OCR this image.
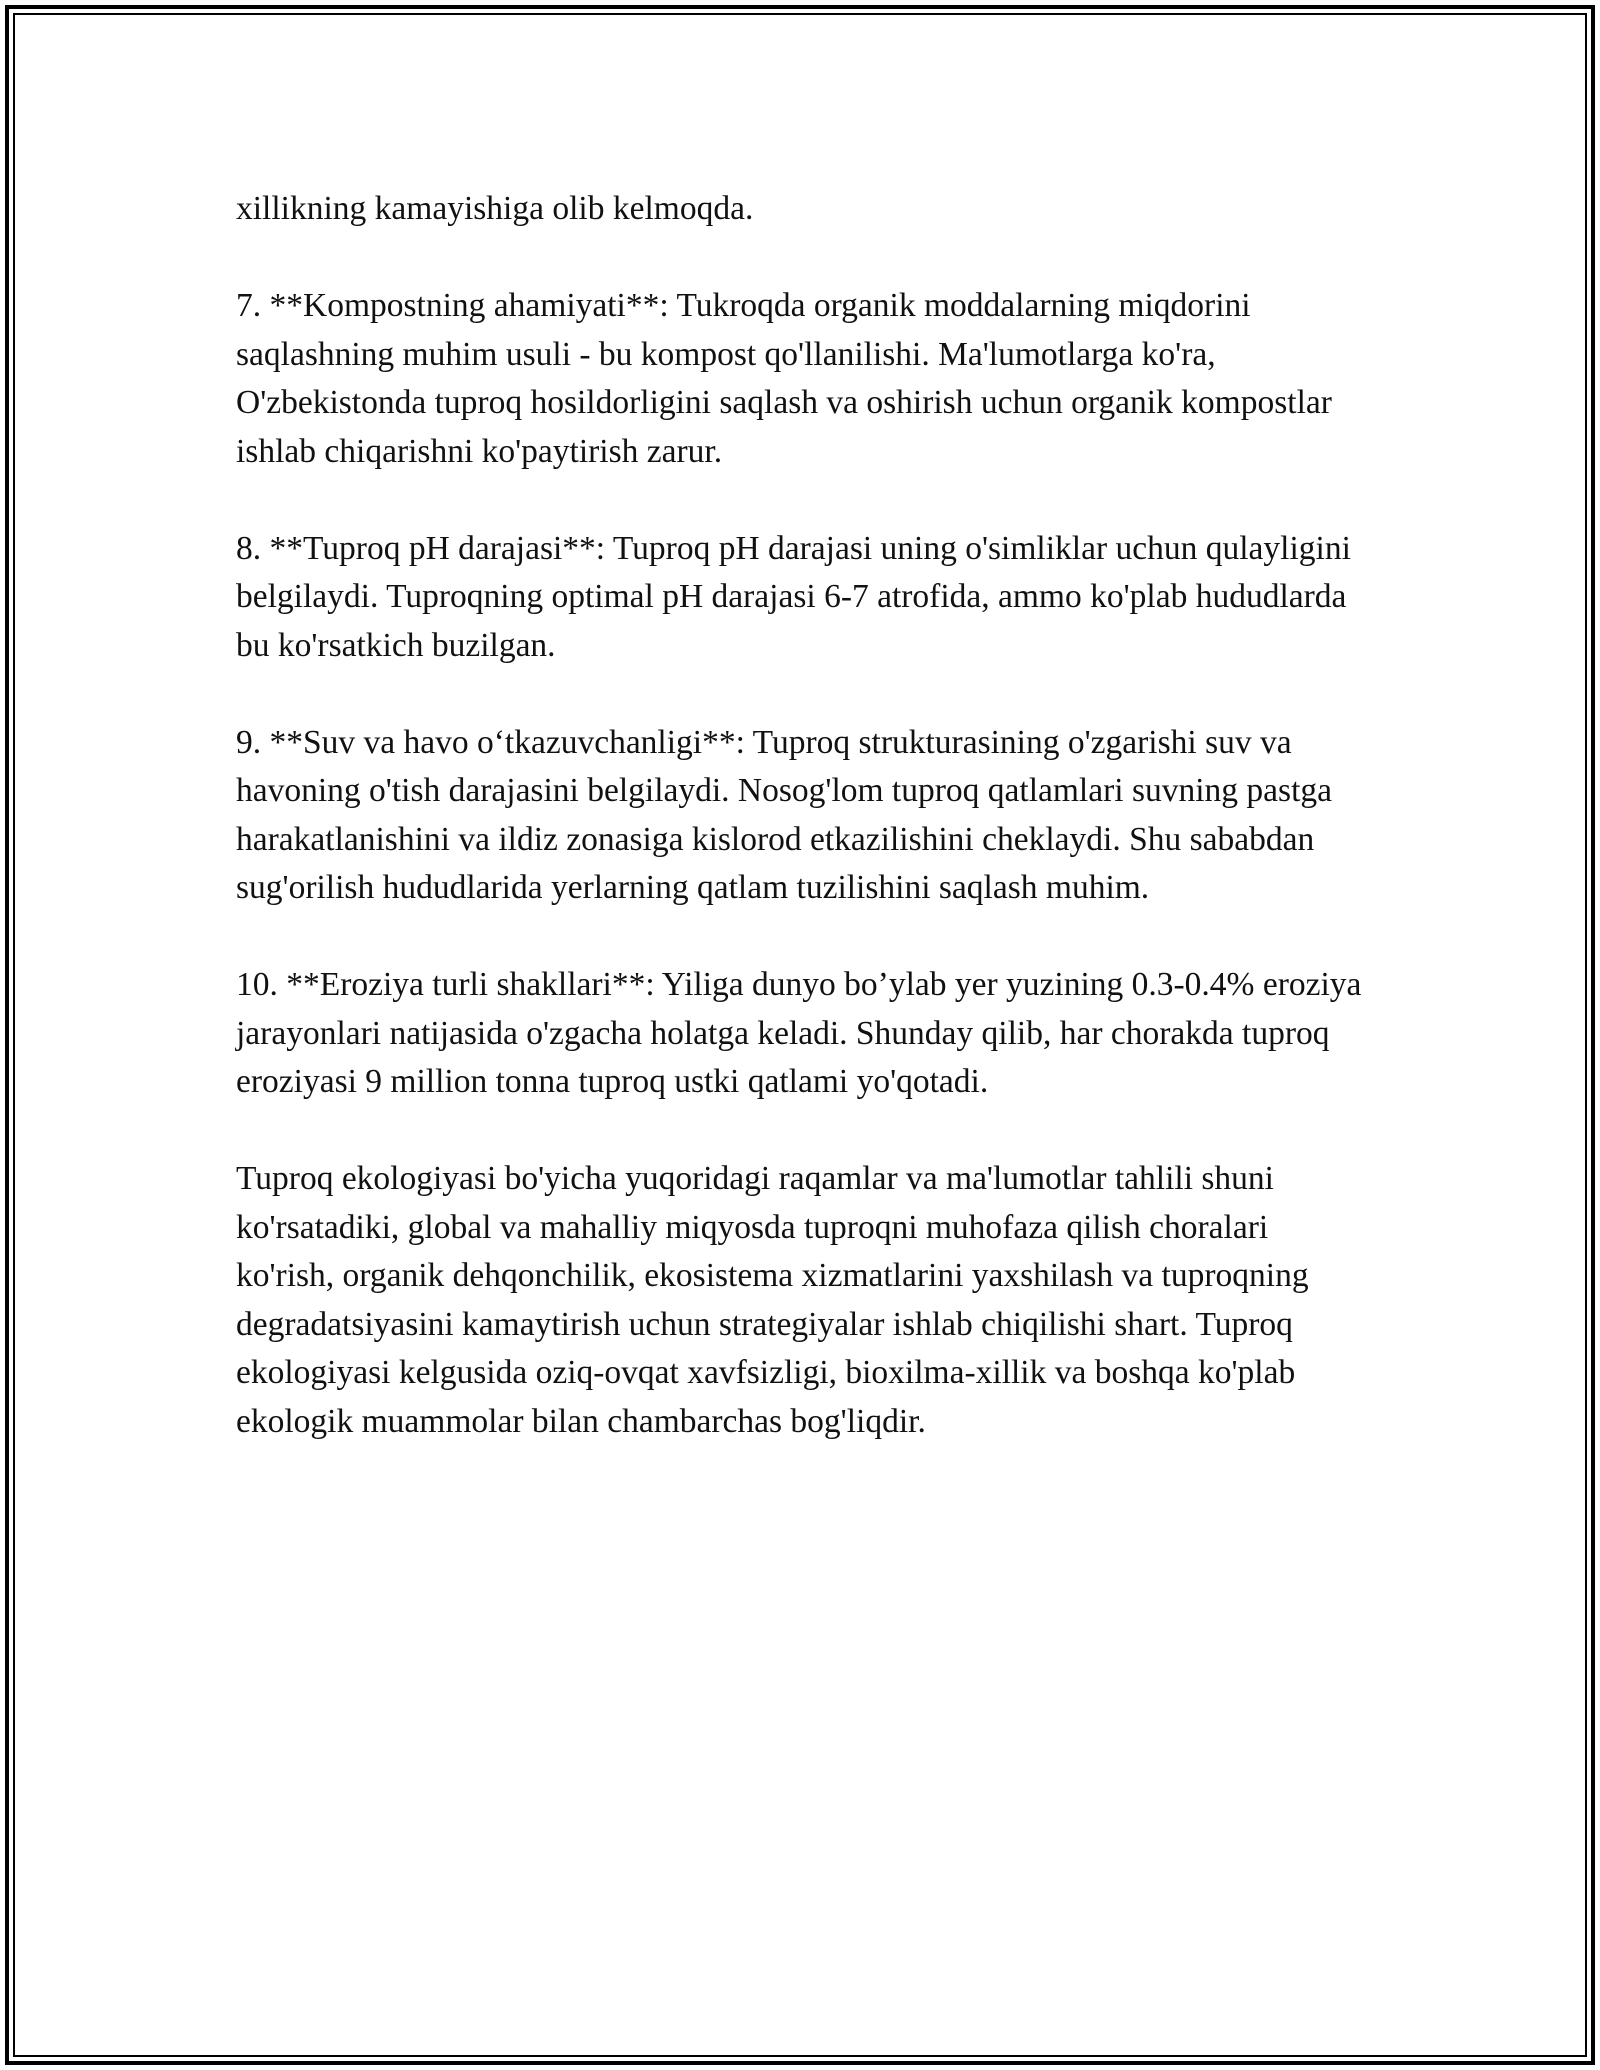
xillikning kamayishiga olib kelmoqda.

7. **Kompostning ahamiyati**: Tukroqda organik moddalarning miqdorini saqlashning muhim usuli - bu kompost qo'llanilishi. Ma'lumotlarga ko'ra, O'zbekistonda tuproq hosildorligini saqlash va oshirish uchun organik kompostlar ishlab chiqarishni ko'paytirish zarur.

8. **Tuproq pH darajasi**: Tuproq pH darajasi uning o'simliklar uchun qulayligini belgilaydi. Tuproqning optimal pH darajasi 6-7 atrofida, ammo ko'plab hududlarda bu ko'rsatkich buzilgan.

9. **Suv va havo o‘tkazuvchanligi**: Tuproq strukturasining o'zgarishi suv va havoning o'tish darajasini belgilaydi. Nosog'lom tuproq qatlamlari suvning pastga harakatlanishini va ildiz zonasiga kislorod etkazilishini cheklaydi. Shu sababdan sug'orilish hududlarida yerlarning qatlam tuzilishini saqlash muhim.

10. **Eroziya turli shakllari**: Yiliga dunyo bo’ylab yer yuzining 0.3-0.4% eroziya jarayonlari natijasida o'zgacha holatga keladi. Shunday qilib, har chorakda tuproq eroziyasi 9 million tonna tuproq ustki qatlami yo'qotadi.

Tuproq ekologiyasi bo'yicha yuqoridagi raqamlar va ma'lumotlar tahlili shuni ko'rsatadiki, global va mahalliy miqyosda tuproqni muhofaza qilish choralari ko'rish, organik dehqonchilik, ekosistema xizmatlarini yaxshilash va tuproqning degradatsiyasini kamaytirish uchun strategiyalar ishlab chiqilishi shart. Tuproq ekologiyasi kelgusida oziq-ovqat xavfsizligi, bioxilma-xillik va boshqa ko'plab ekologik muammolar bilan chambarchas bog'liqdir.
